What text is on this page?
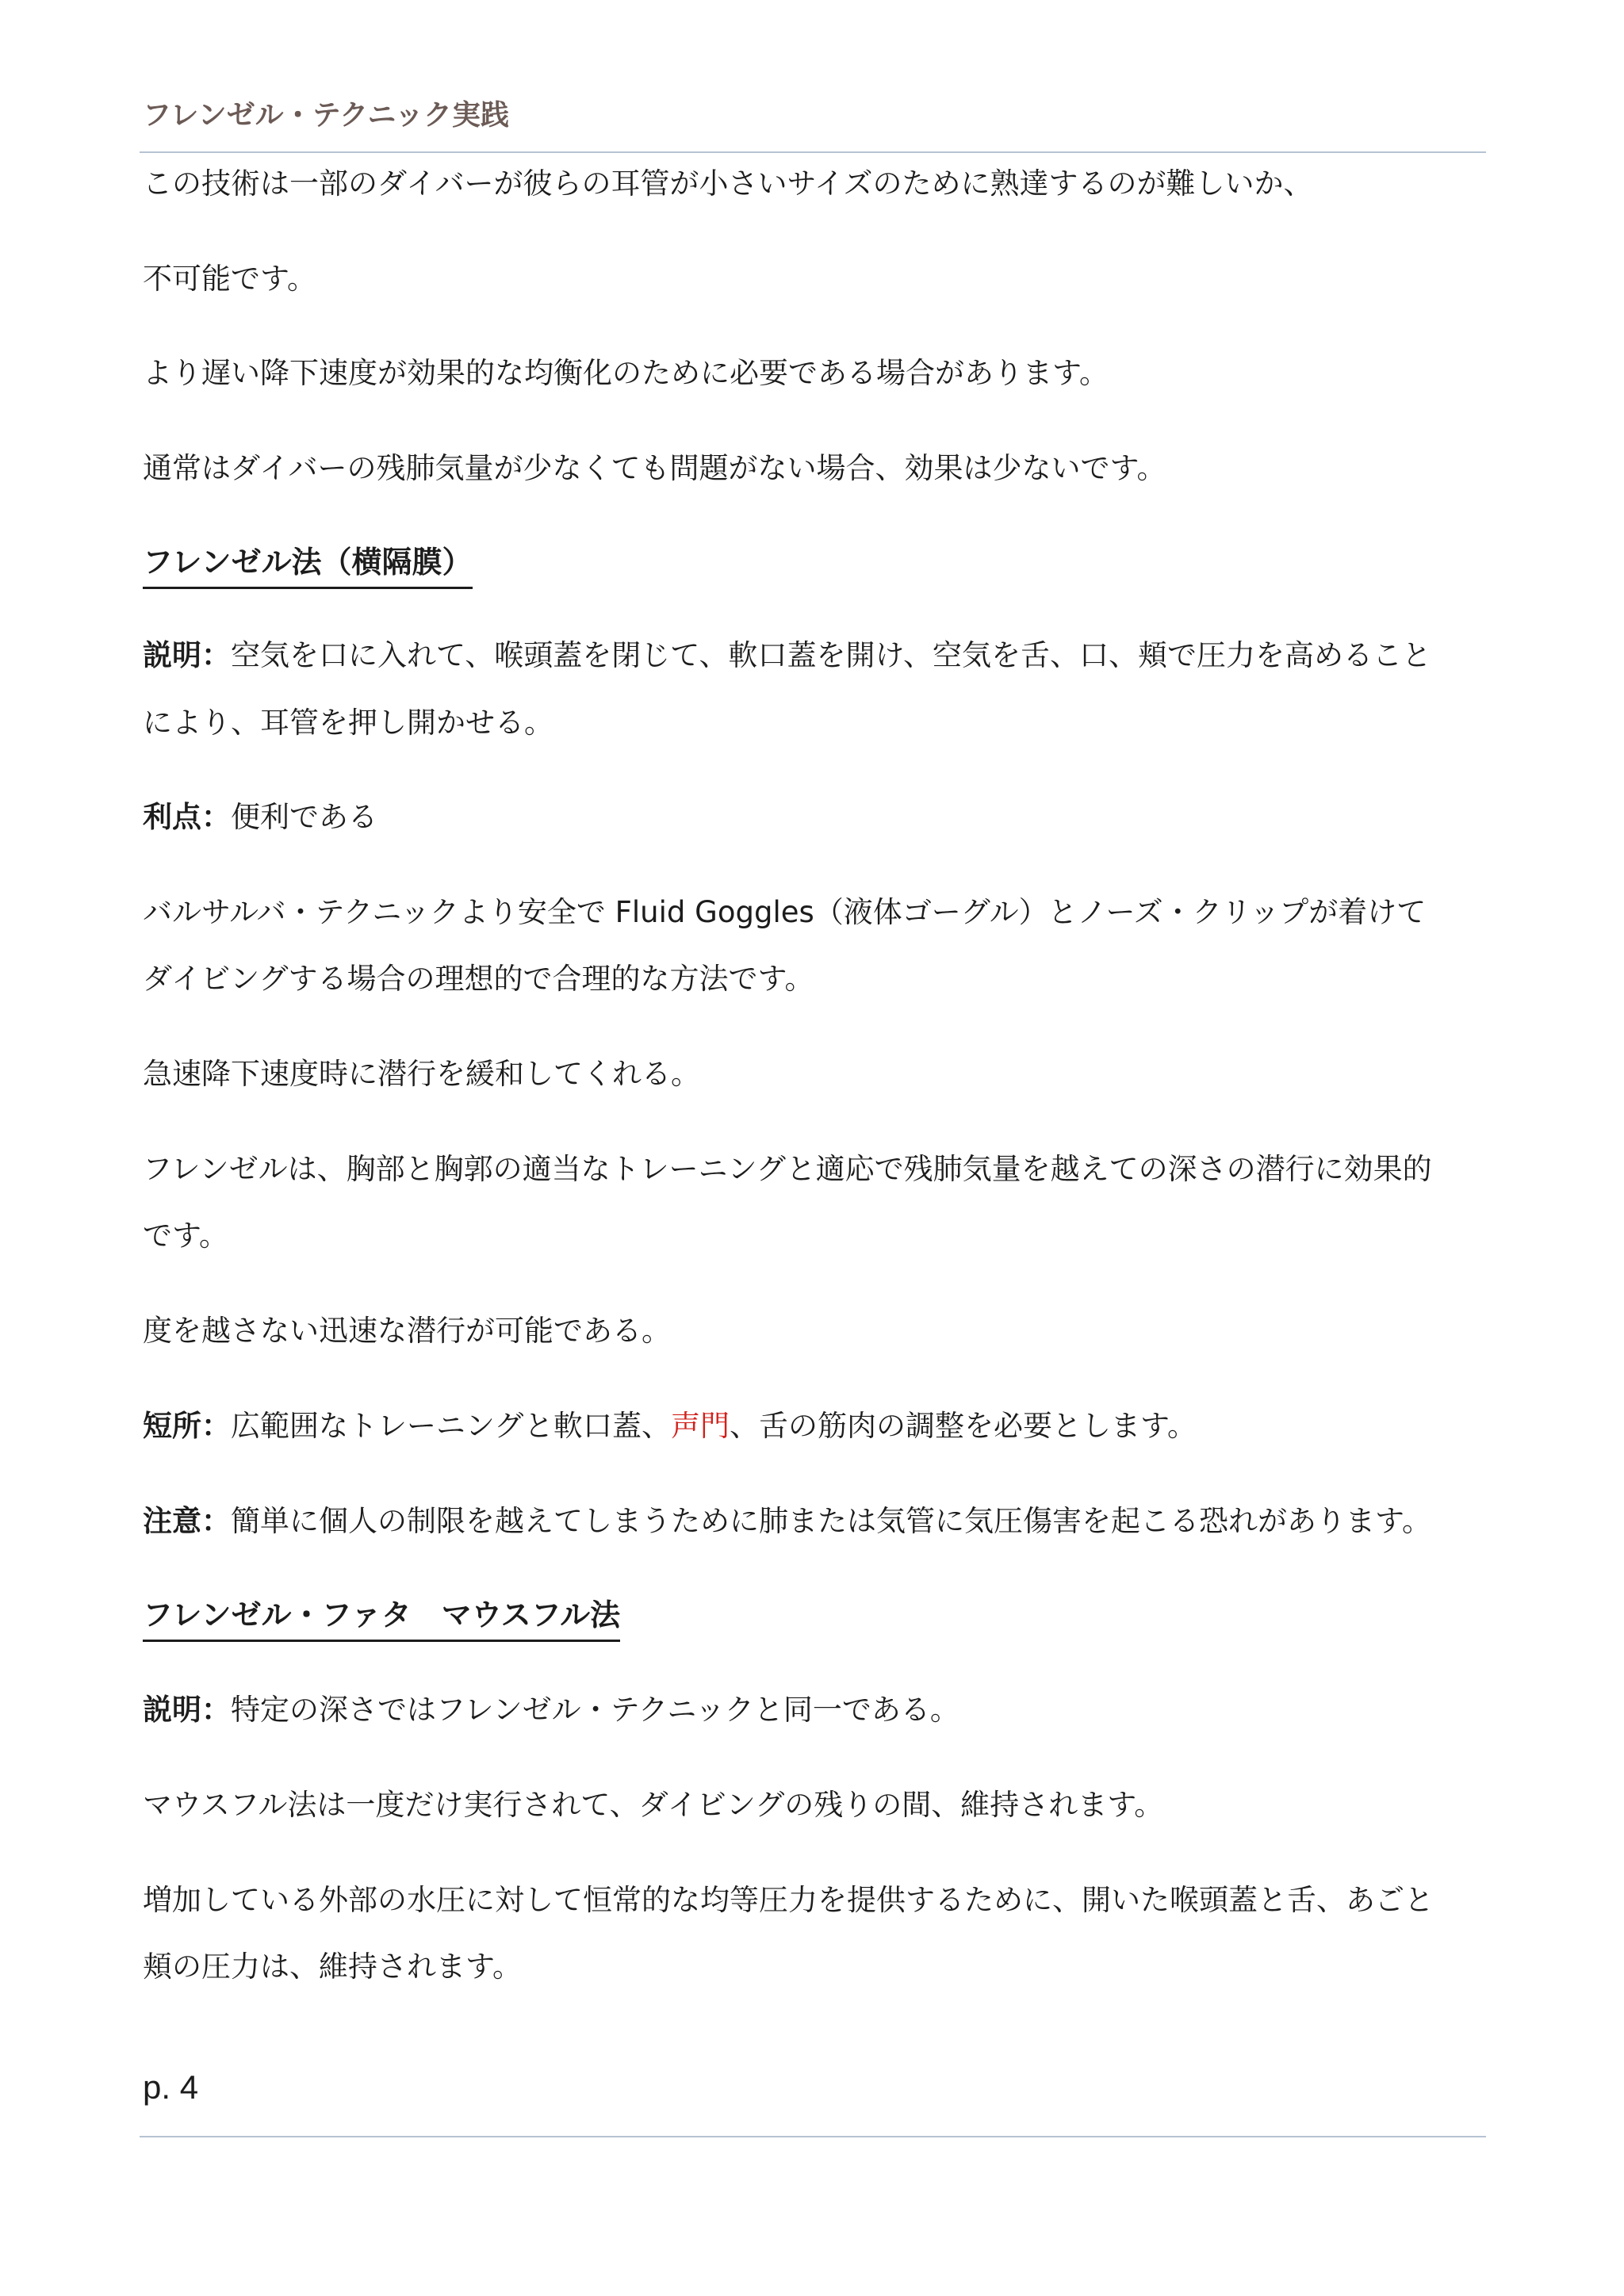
フレンゼル・テクニック実践
この技術は一部のダイバーが彼らの耳管が小さいサイズのために熟達するのが難しいか、
不可能です。
より遅い降下速度が効果的な均衡化のために必要である場合があります。
通常はダイバーの残肺気量が少なくても問題がない場合、効果は少ないです。
フレンゼル法（横隔膜）
説明：空気を口に入れて、喉頭蓋を閉じて、軟口蓋を開け、空気を舌、口、頬で圧力を高めること
により、耳管を押し開かせる。
利点：便利である
バルサルバ・テクニックより安全で Fluid Goggles（液体ゴーグル）とノーズ・クリップが着けて
ダイビングする場合の理想的で合理的な方法です。
急速降下速度時に潜行を緩和してくれる。
フレンゼルは、胸部と胸郭の適当なトレーニングと適応で残肺気量を越えての深さの潜行に効果的
です。
度を越さない迅速な潜行が可能である。
短所：広範囲なトレーニングと軟口蓋、声門、舌の筋肉の調整を必要とします。
注意：簡単に個人の制限を越えてしまうために肺または気管に気圧傷害を起こる恐れがあります。
フレンゼル・ファタ　マウスフル法
説明：特定の深さではフレンゼル・テクニックと同一である。
マウスフル法は一度だけ実行されて、ダイビングの残りの間、維持されます。
増加している外部の水圧に対して恒常的な均等圧力を提供するために、開いた喉頭蓋と舌、あごと
頬の圧力は、維持されます。
p. 4
